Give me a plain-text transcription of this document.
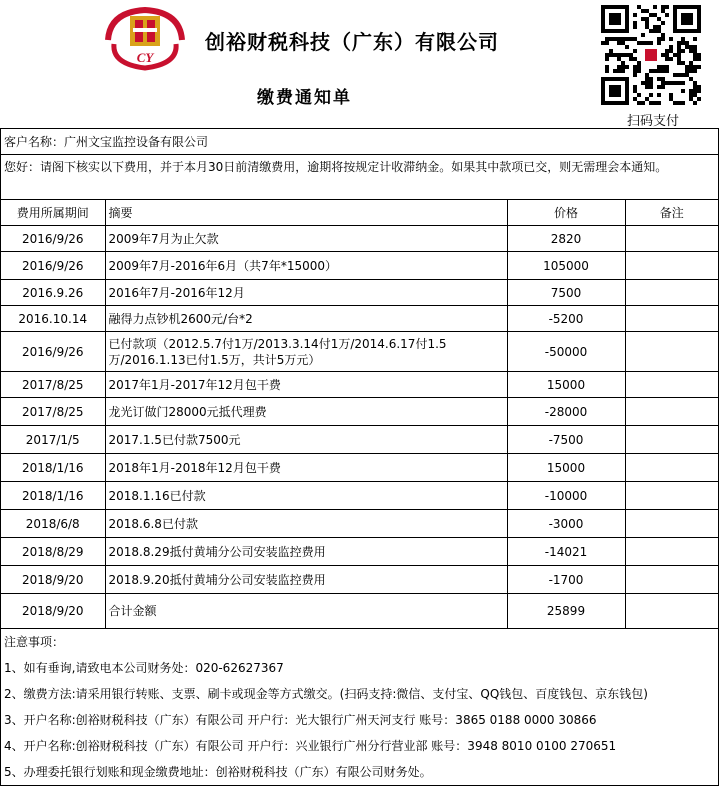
CY
创裕财税科技（广东）有限公司
缴费通知单
扫码支付
客户名称：广州文宝监控设备有限公司
您好：请阁下核实以下费用，并于本月30日前清缴费用，逾期将按规定计收滞纳金。如果其中款项已交，则无需理会本通知。
费用所属期间	摘要	价格	备注
2016/9/26	2009年7月为止欠款	2820	
2016/9/26	2009年7月-2016年6月（共7年*15000）	105000	
2016.9.26	2016年7月-2016年12月	7500	
2016.10.14	融得力点钞机2600元/台*2	-5200	
2016/9/26	已付款项（2012.5.7付1万/2013.3.14付1万/2014.6.17付1.5万/2016.1.13已付1.5万，共计5万元）	-50000	
2017/8/25	2017年1月-2017年12月包干费	15000	
2017/8/25	龙光订做门28000元抵代理费	-28000	
2017/1/5	2017.1.5已付款7500元	-7500	
2018/1/16	2018年1月-2018年12月包干费	15000	
2018/1/16	2018.1.16已付款	-10000	
2018/6/8	2018.6.8已付款	-3000	
2018/8/29	2018.8.29抵付黄埔分公司安装监控费用	-14021	
2018/9/20	2018.9.20抵付黄埔分公司安装监控费用	-1700	
2018/9/20	合计金额	25899	
注意事项：
1、如有垂询,请致电本公司财务处：020-62627367
2、缴费方法:请采用银行转账、支票、刷卡或现金等方式缴交。(扫码支持:微信、支付宝、QQ钱包、百度钱包、京东钱包)
3、开户名称:创裕财税科技（广东）有限公司 开户行：光大银行广州天河支行 账号：3865 0188 0000 30866
4、开户名称:创裕财税科技（广东）有限公司 开户行：兴业银行广州分行营业部 账号：3948 8010 0100 270651
5、办理委托银行划账和现金缴费地址：创裕财税科技（广东）有限公司财务处。
